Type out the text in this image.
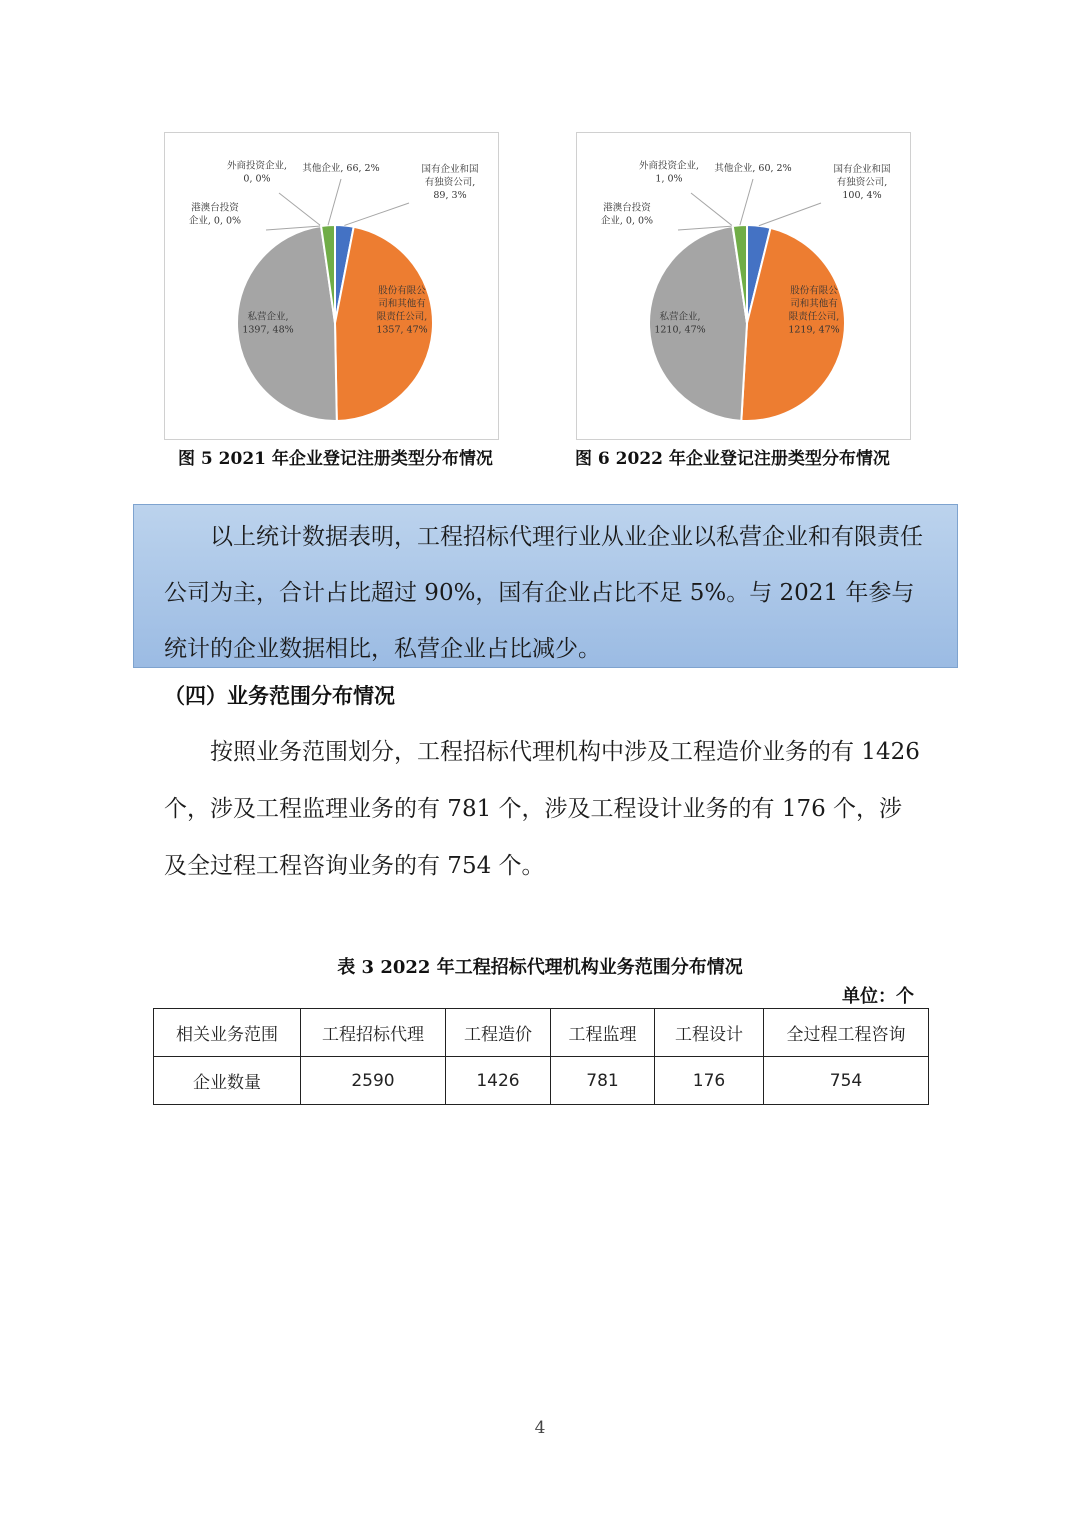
国有企业和国有独资公司, 89, 3%
股份有限公司和其他有限责任公司, 1357, 47%
私营企业, 1397, 48%
港澳台投资企业, 0, 0%
外商投资企业, 0, 0%
其他企业, 66, 2%	国有企业和国有独资公司, 100, 4%
股份有限公司和其他有限责任公司, 1219, 47%
私营企业, 1210, 47%
港澳台投资企业, 0, 0%
外商投资企业, 1, 0%
其他企业, 60, 2%
图 5 2021 年企业登记注册类型分布情况	图 6 2022 年企业登记注册类型分布情况

以上统计数据表明，工程招标代理行业从业企业以私营企业和有限责任公司为主，合计占比超过 90%，国有企业占比不足 5%。与 2021 年参与统计的企业数据相比，私营企业占比减少。

（四）业务范围分布情况

按照业务范围划分，工程招标代理机构中涉及工程造价业务的有 1426 个，涉及工程监理业务的有 781 个，涉及工程设计业务的有 176 个，涉及全过程工程咨询业务的有 754 个。

表 3 2022 年工程招标代理机构业务范围分布情况
单位：个
相关业务范围	工程招标代理	工程造价	工程监理	工程设计	全过程工程咨询
企业数量	2590	1426	781	176	754
4
